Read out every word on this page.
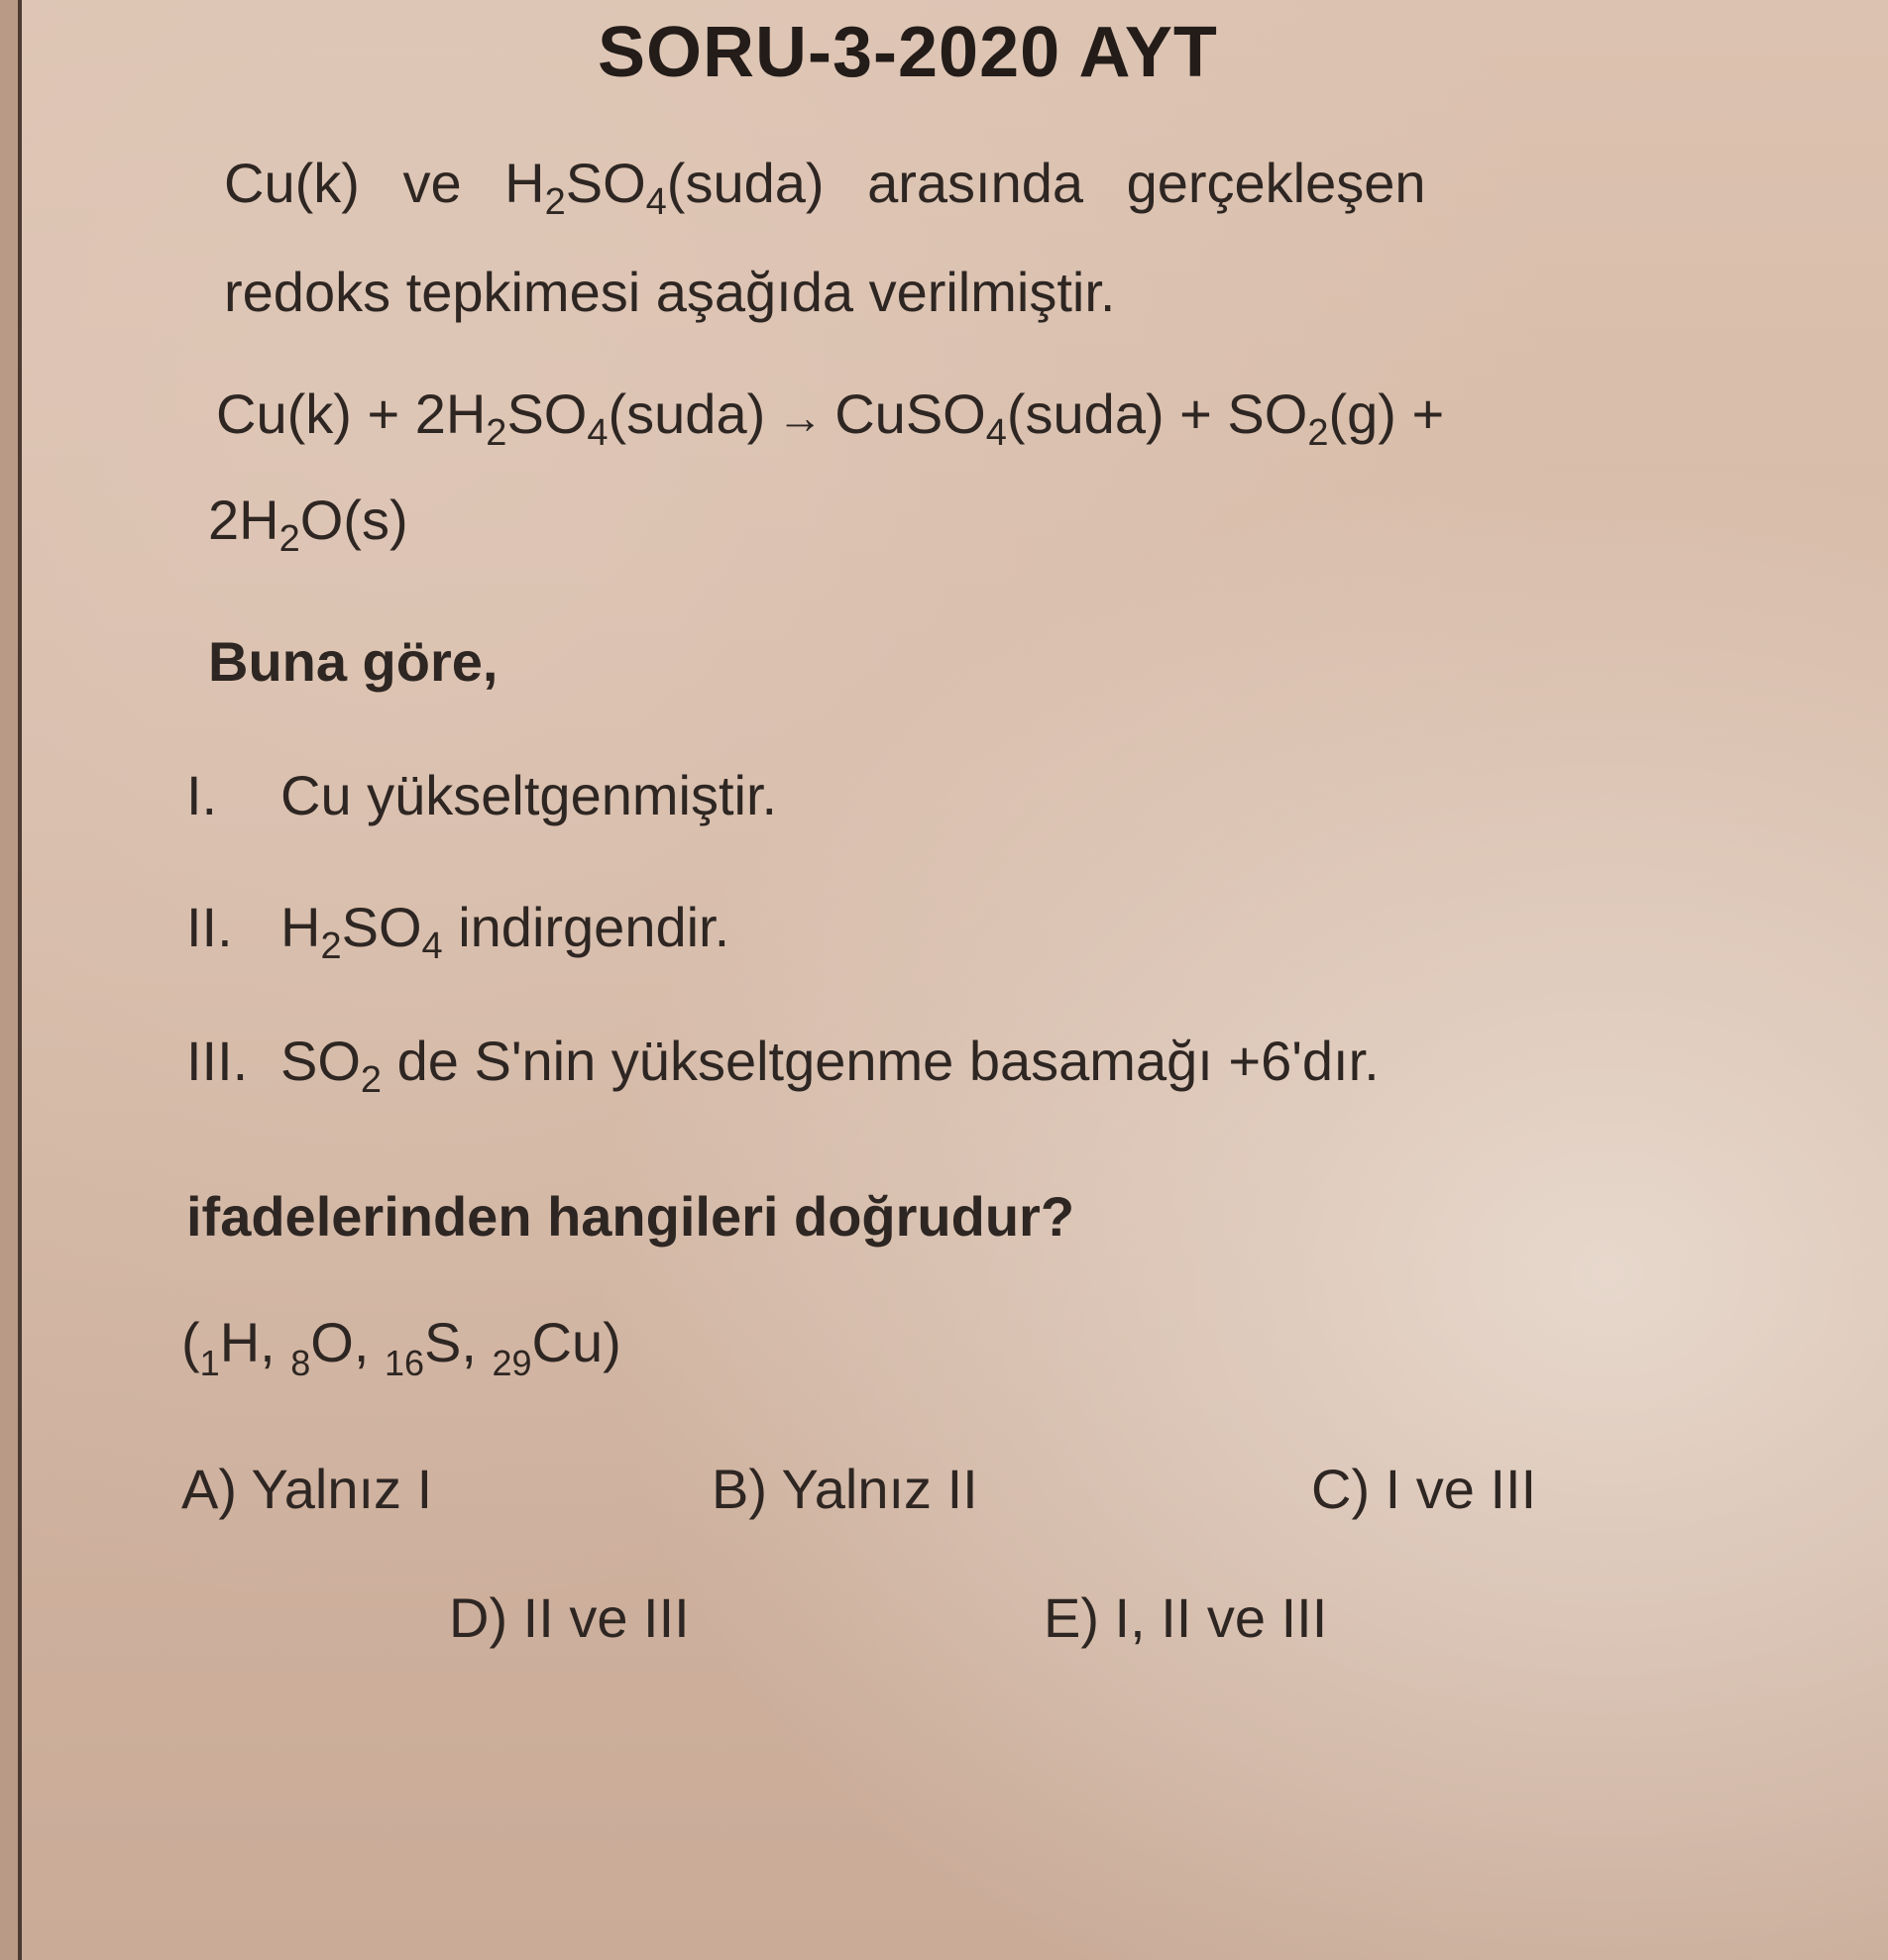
SORU-3-2020 AYT
Cu(k) ve $H_2SO_4(suda)$ arasında gerçekleşen
redoks tepkimesi aşağıda verilmiştir.
$Cu(k) + 2H_2SO_4(suda)$ → CuSO$_4$(suda) + $SO_2(g)$ +
$2H_2O(s)$
Buna göre,
I. Cu yükseltgenmiştir.
II. $H_2SO_4$ indirgendir.
III. $SO_2$ de S'nin yükseltgenme basamağı +6'dır.
ifadelerinden hangileri doğrudur?
($_1H$, $_8$O, $_{16}$S, $_{29}$Cu)
A) Yalnız I	B) Yalnız II	C) I ve III
D) II ve III	E) I, II ve III
